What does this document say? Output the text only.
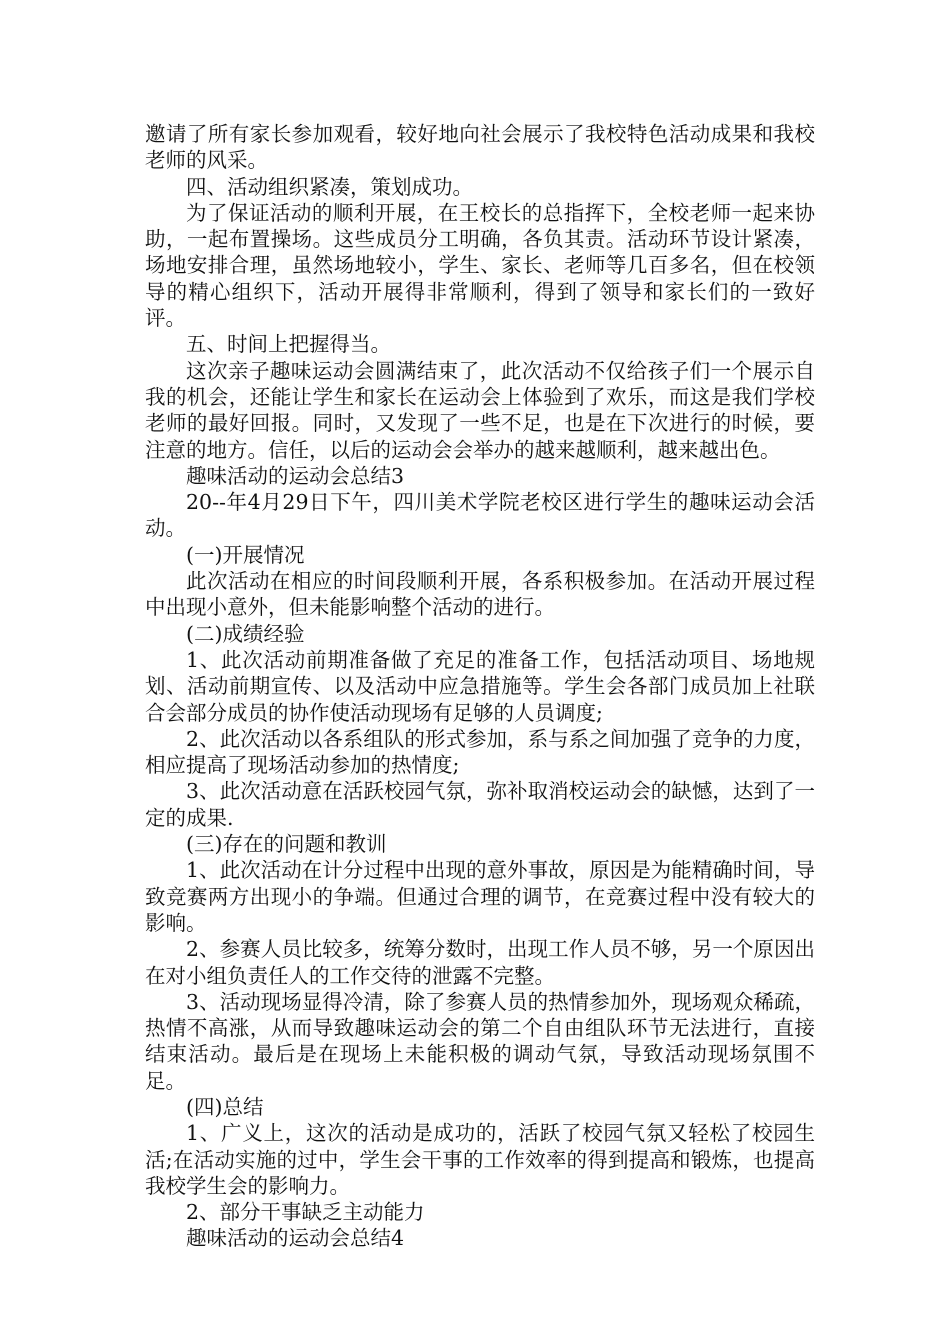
邀请了所有家长参加观看，较好地向社会展示了我校特色活动成果和我校老师的风采。

四、活动组织紧凑，策划成功。

为了保证活动的顺利开展，在王校长的总指挥下，全校老师一起来协助，一起布置操场。这些成员分工明确，各负其责。活动环节设计紧凑，场地安排合理，虽然场地较小，学生、家长、老师等几百多名，但在校领导的精心组织下，活动开展得非常顺利，得到了领导和家长们的一致好评。

五、时间上把握得当。

这次亲子趣味运动会圆满结束了，此次活动不仅给孩子们一个展示自我的机会，还能让学生和家长在运动会上体验到了欢乐，而这是我们学校老师的最好回报。同时，又发现了一些不足，也是在下次进行的时候，要注意的地方。信任，以后的运动会会举办的越来越顺利，越来越出色。

趣味活动的运动会总结3

20--年4月29日下午，四川美术学院老校区进行学生的趣味运动会活动。

(一)开展情况

此次活动在相应的时间段顺利开展，各系积极参加。在活动开展过程中出现小意外，但未能影响整个活动的进行。

(二)成绩经验

1、此次活动前期准备做了充足的准备工作，包括活动项目、场地规划、活动前期宣传、以及活动中应急措施等。学生会各部门成员加上社联合会部分成员的协作使活动现场有足够的人员调度;

2、此次活动以各系组队的形式参加，系与系之间加强了竞争的力度，相应提高了现场活动参加的热情度;

3、此次活动意在活跃校园气氛，弥补取消校运动会的缺憾，达到了一定的成果.

(三)存在的问题和教训

1、此次活动在计分过程中出现的意外事故，原因是为能精确时间，导致竞赛两方出现小的争端。但通过合理的调节，在竞赛过程中没有较大的影响。

2、参赛人员比较多，统筹分数时，出现工作人员不够，另一个原因出在对小组负责任人的工作交待的泄露不完整。

3、活动现场显得冷清，除了参赛人员的热情参加外，现场观众稀疏，热情不高涨，从而导致趣味运动会的第二个自由组队环节无法进行，直接结束活动。最后是在现场上未能积极的调动气氛，导致活动现场氛围不足。

(四)总结

1、广义上，这次的活动是成功的，活跃了校园气氛又轻松了校园生活;在活动实施的过中，学生会干事的工作效率的得到提高和锻炼，也提高我校学生会的影响力。

2、部分干事缺乏主动能力

趣味活动的运动会总结4
